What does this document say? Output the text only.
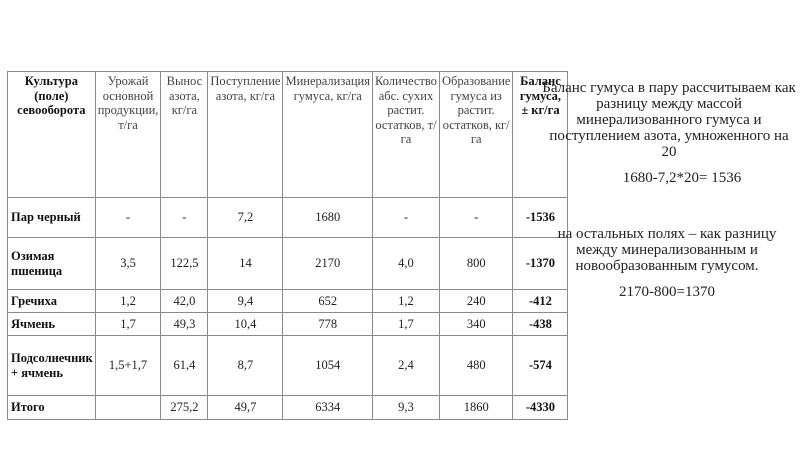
Культура (поле) севооборота	Урожай основной продукции, т/га	Вынос азота, кг/га	Поступление азота, кг/га	Минерализация гумуса, кг/га	Количество абс. сухих растит. остатков, т/га	Образование гумуса из растит. остатков, кг/га	Баланс гумуса, ± кг/га
Пар черный	-	-	7,2	1680	-	-	-1536
Озимая пшеница	3,5	122,5	14	2170	4,0	800	-1370
Гречиха	1,2	42,0	9,4	652	1,2	240	-412
Ячмень	1,7	49,3	10,4	778	1,7	340	-438
Подсолнечник + ячмень	1,5+1,7	61,4	8,7	1054	2,4	480	-574
Итого		275,2	49,7	6334	9,3	1860	-4330

Баланс гумуса в пару рассчитываем как разницу между массой минерализованного гумуса и поступлением азота, умноженного на 20

1680-7,2*20= 1536

на остальных полях – как разницу между минерализованным и новообразованным гумусом.

2170-800=1370
